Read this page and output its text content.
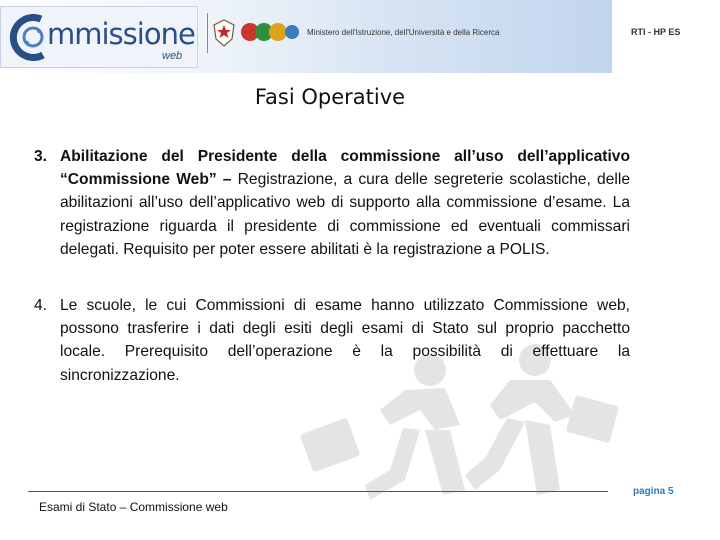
mmissione
web
Ministero dell'Istruzione, dell'Università e della Ricerca	RTI - HP ES
Fasi Operative
3. Abilitazione del Presidente della commissione all’uso dell’applicativo “Commissione Web” – Registrazione, a cura delle segreterie scolastiche, delle abilitazioni all’uso dell’applicativo web di supporto alla commissione d’esame. La registrazione riguarda il presidente di commissione ed eventuali commissari delegati. Requisito per poter essere abilitati è la registrazione a POLIS.
4. Le scuole, le cui Commissioni di esame hanno utilizzato Commissione web, possono trasferire i dati degli esiti degli esami di Stato sul proprio pacchetto locale. Prerequisito dell’operazione è la possibilità di effettuare la sincronizzazione.
Esami di Stato – Commissione web
pagina 5
